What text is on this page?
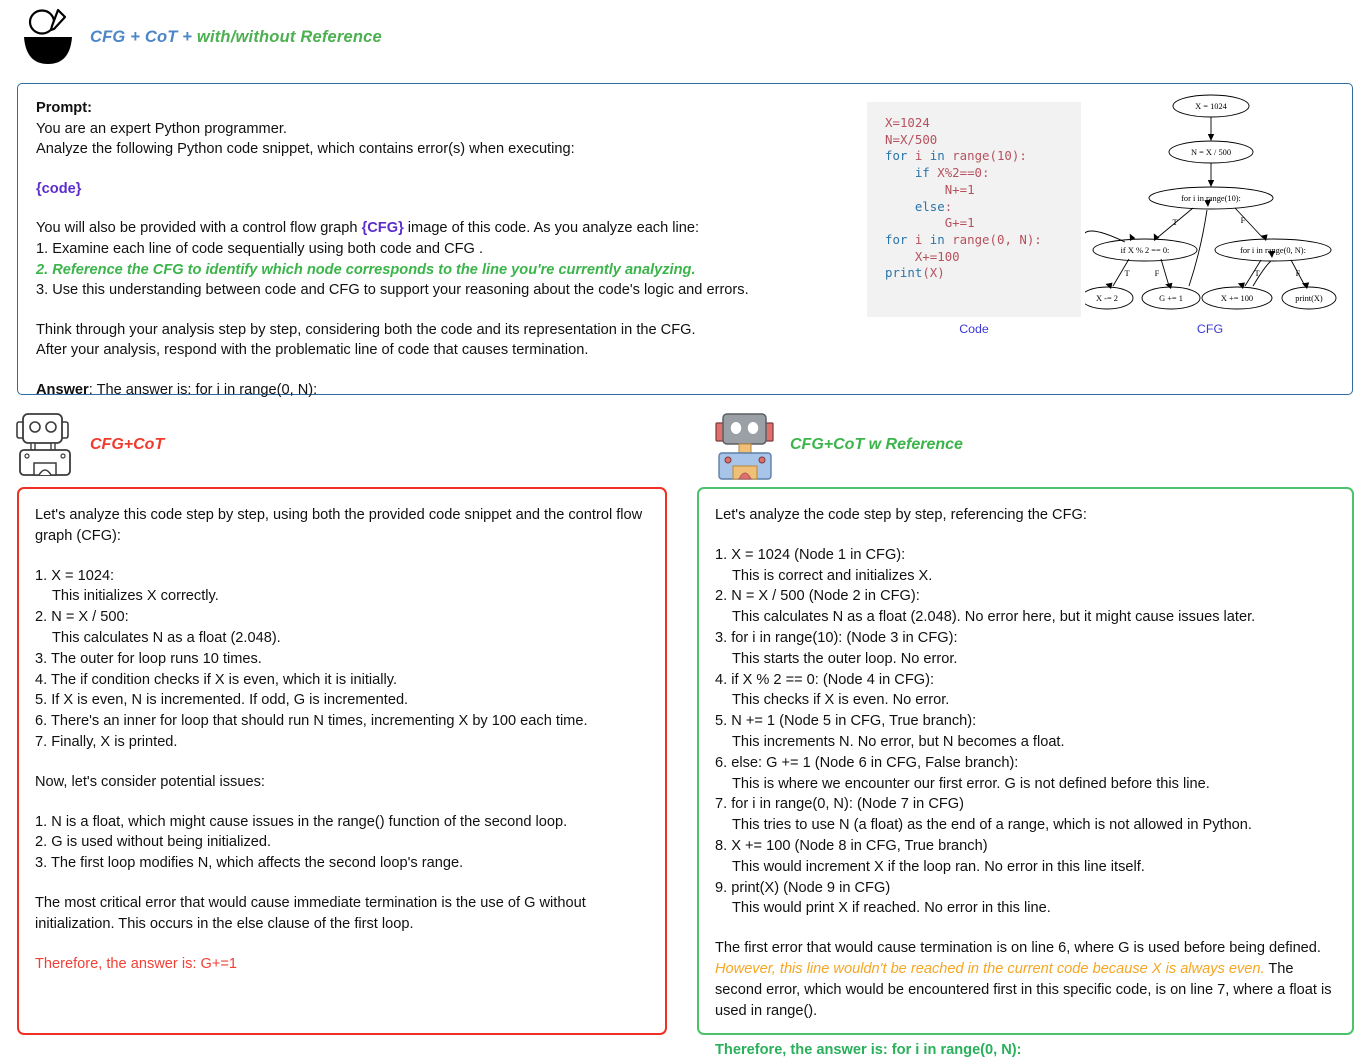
CFG + CoT + with/without Reference

Prompt:

You are an expert Python programmer.

Analyze the following Python code snippet, which contains error(s) when executing:

{code}

You will also be provided with a control flow graph {CFG} image of this code. As you analyze each line:

1. Examine each line of code sequentially using both code and CFG .

2. Reference the CFG to identify which node corresponds to the line you're currently analyzing.

3. Use this understanding between code and CFG to support your reasoning about the code's logic and errors.

Think through your analysis step by step, considering both the code and its representation in the CFG.

After your analysis, respond with the problematic line of code that causes termination.

Answer: The answer is: for i in range(0, N):

X=1024
N=X/500
for i in range(10):
if X%2==0:
N+=1
else:
G+=1
for i in range(0, N):
X+=100
print(X)
Code
X = 1024
N = X / 500
for i in range(10):
if X % 2 == 0:	for i in range(0, N):
X -= 2	G += 1	X += 100	print(X)
T	F
T	F	T	F
CFG
CFG+CoT	CFG+CoT w Reference

Let's analyze this code step by step, using both the provided code snippet and the control flow graph (CFG):

1. X = 1024:

This initializes X correctly.

2. N = X / 500:

This calculates N as a float (2.048).

3. The outer for loop runs 10 times.

4. The if condition checks if X is even, which it is initially.

5. If X is even, N is incremented. If odd, G is incremented.

6. There's an inner for loop that should run N times, incrementing X by 100 each time.

7. Finally, X is printed.

Now, let's consider potential issues:

1. N is a float, which might cause issues in the range() function of the second loop.

2. G is used without being initialized.

3. The first loop modifies N, which affects the second loop's range.

The most critical error that would cause immediate termination is the use of G without initialization. This occurs in the else clause of the first loop.

Therefore, the answer is: G+=1

Let's analyze the code step by step, referencing the CFG:

1. X = 1024 (Node 1 in CFG):

This is correct and initializes X.

2. N = X / 500 (Node 2 in CFG):

This calculates N as a float (2.048). No error here, but it might cause issues later.

3. for i in range(10): (Node 3 in CFG):

This starts the outer loop. No error.

4. if X % 2 == 0: (Node 4 in CFG):

This checks if X is even. No error.

5. N += 1 (Node 5 in CFG, True branch):

This increments N. No error, but N becomes a float.

6. else: G += 1 (Node 6 in CFG, False branch):

This is where we encounter our first error. G is not defined before this line.

7. for i in range(0, N): (Node 7 in CFG)

This tries to use N (a float) as the end of a range, which is not allowed in Python.

8. X += 100 (Node 8 in CFG, True branch)

This would increment X if the loop ran. No error in this line itself.

9. print(X) (Node 9 in CFG)

This would print X if reached. No error in this line.

The first error that would cause termination is on line 6, where G is used before being defined. However, this line wouldn't be reached in the current code because X is always even. The second error, which would be encountered first in this specific code, is on line 7, where a float is used in range().

Therefore, the answer is: for i in range(0, N):
